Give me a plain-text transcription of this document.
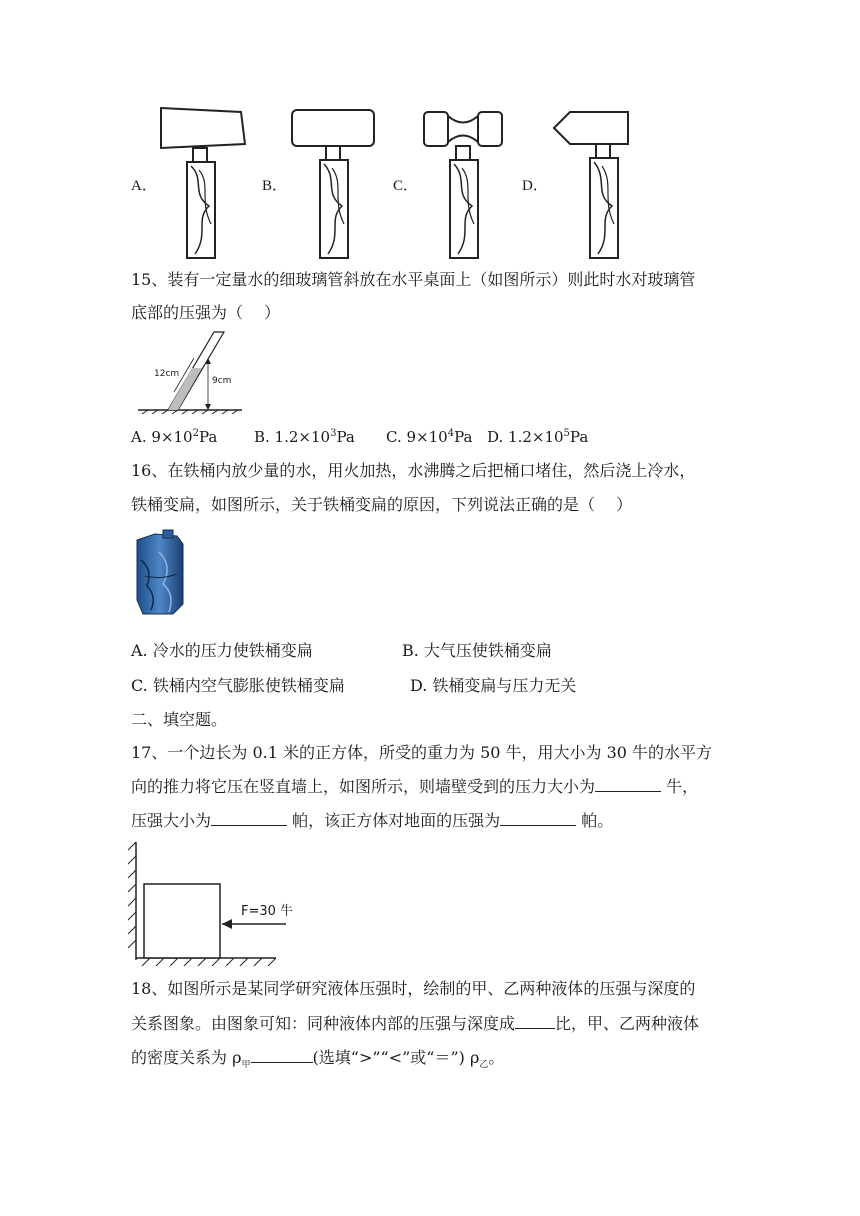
A．	B．	C．	D．
15、装有一定量水的细玻璃管斜放在水平桌面上（如图所示）则此时水对玻璃管
底部的压强为（　 ）
12cm
9cm
A. $9\times 10^2Pa$ B. $1.2\times 10^3Pa$ C. $9\times 10^4Pa$ D. $1.2\times 10^5Pa$
16、在铁桶内放少量的水，用火加热，水沸腾之后把桶口堵住，然后浇上冷水，
铁桶变扁，如图所示，关于铁桶变扁的原因，下列说法正确的是（　 ）
A. 冷水的压力使铁桶变扁	B. 大气压使铁桶变扁
C. 铁桶内空气膨胀使铁桶变扁	D. 铁桶变扁与压力无关
二、填空题。
17、一个边长为 0.1 米的正方体，所受的重力为 50 牛，用大小为 30 牛的水平方
向的推力将它压在竖直墙上，如图所示，则墙壁受到的压力大小为	牛，
压强大小为	帕，该正方体对地面的压强为	帕。
F=30 牛
18、如图所示是某同学研究液体压强时，绘制的甲、乙两种液体的压强与深度的
关系图象。由图象可知：同种液体内部的压强与深度成	比，甲、乙两种液体
的密度关系为 $\rho_甲$	(选填“>”“<”或“＝”) $\rho_乙$。
